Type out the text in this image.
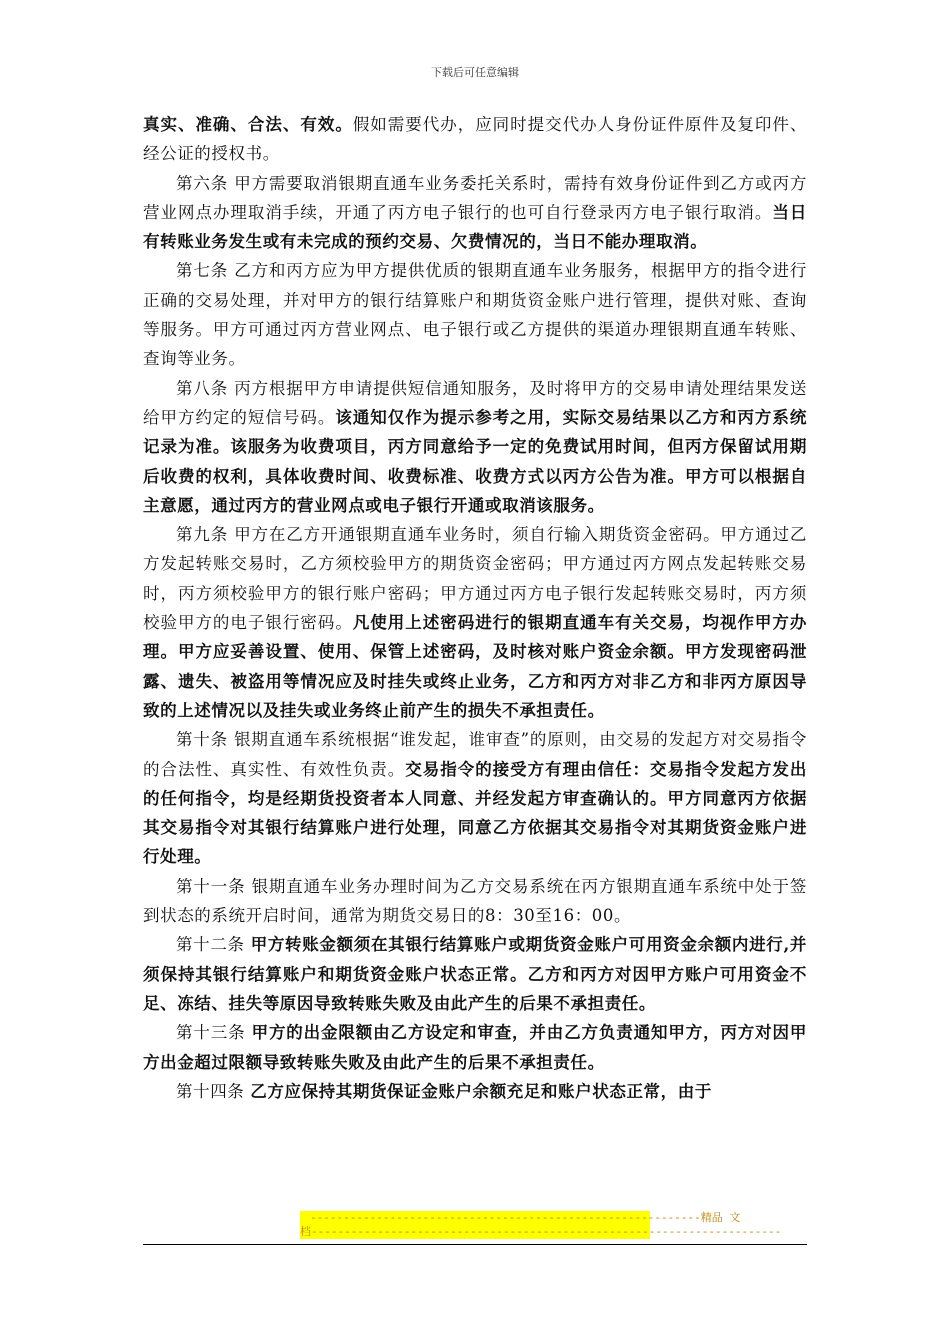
下载后可任意编辑

真实、准确、合法、有效。假如需要代办，应同时提交代办人身份证件原件及复印件、经公证的授权书。

第六条 甲方需要取消银期直通车业务委托关系时，需持有效身份证件到乙方或丙方营业网点办理取消手续，开通了丙方电子银行的也可自行登录丙方电子银行取消。当日有转账业务发生或有未完成的预约交易、欠费情况的，当日不能办理取消。

第七条 乙方和丙方应为甲方提供优质的银期直通车业务服务，根据甲方的指令进行正确的交易处理，并对甲方的银行结算账户和期货资金账户进行管理，提供对账、查询等服务。甲方可通过丙方营业网点、电子银行或乙方提供的渠道办理银期直通车转账、查询等业务。

第八条 丙方根据甲方申请提供短信通知服务，及时将甲方的交易申请处理结果发送给甲方约定的短信号码。该通知仅作为提示参考之用，实际交易结果以乙方和丙方系统记录为准。该服务为收费项目，丙方同意给予一定的免费试用时间，但丙方保留试用期后收费的权利，具体收费时间、收费标准、收费方式以丙方公告为准。甲方可以根据自主意愿，通过丙方的营业网点或电子银行开通或取消该服务。

第九条 甲方在乙方开通银期直通车业务时，须自行输入期货资金密码。甲方通过乙方发起转账交易时，乙方须校验甲方的期货资金密码；甲方通过丙方网点发起转账交易时，丙方须校验甲方的银行账户密码；甲方通过丙方电子银行发起转账交易时，丙方须校验甲方的电子银行密码。凡使用上述密码进行的银期直通车有关交易，均视作甲方办理。甲方应妥善设置、使用、保管上述密码，及时核对账户资金余额。甲方发现密码泄露、遗失、被盗用等情况应及时挂失或终止业务，乙方和丙方对非乙方和非丙方原因导致的上述情况以及挂失或业务终止前产生的损失不承担责任。

第十条 银期直通车系统根据“谁发起，谁审查”的原则，由交易的发起方对交易指令的合法性、真实性、有效性负责。交易指令的接受方有理由信任：交易指令发起方发出的任何指令，均是经期货投资者本人同意、并经发起方审查确认的。甲方同意丙方依据其交易指令对其银行结算账户进行处理，同意乙方依据其交易指令对其期货资金账户进行处理。

第十一条 银期直通车业务办理时间为乙方交易系统在丙方银期直通车系统中处于签到状态的系统开启时间，通常为期货交易日的8：30至16：00。

第十二条 甲方转账金额须在其银行结算账户或期货资金账户可用资金余额内进行,并须保持其银行结算账户和期货资金账户状态正常。乙方和丙方对因甲方账户可用资金不足、冻结、挂失等原因导致转账失败及由此产生的后果不承担责任。

第十三条 甲方的出金限额由乙方设定和审查，并由乙方负责通知甲方，丙方对因甲方出金超过限额导致转账失败及由此产生的后果不承担责任。

第十四条 乙方应保持其期货保证金账户余额充足和账户状态正常，由于

-----------------------------------------------------------精品 文
档-----------------------------------------------------------------------
